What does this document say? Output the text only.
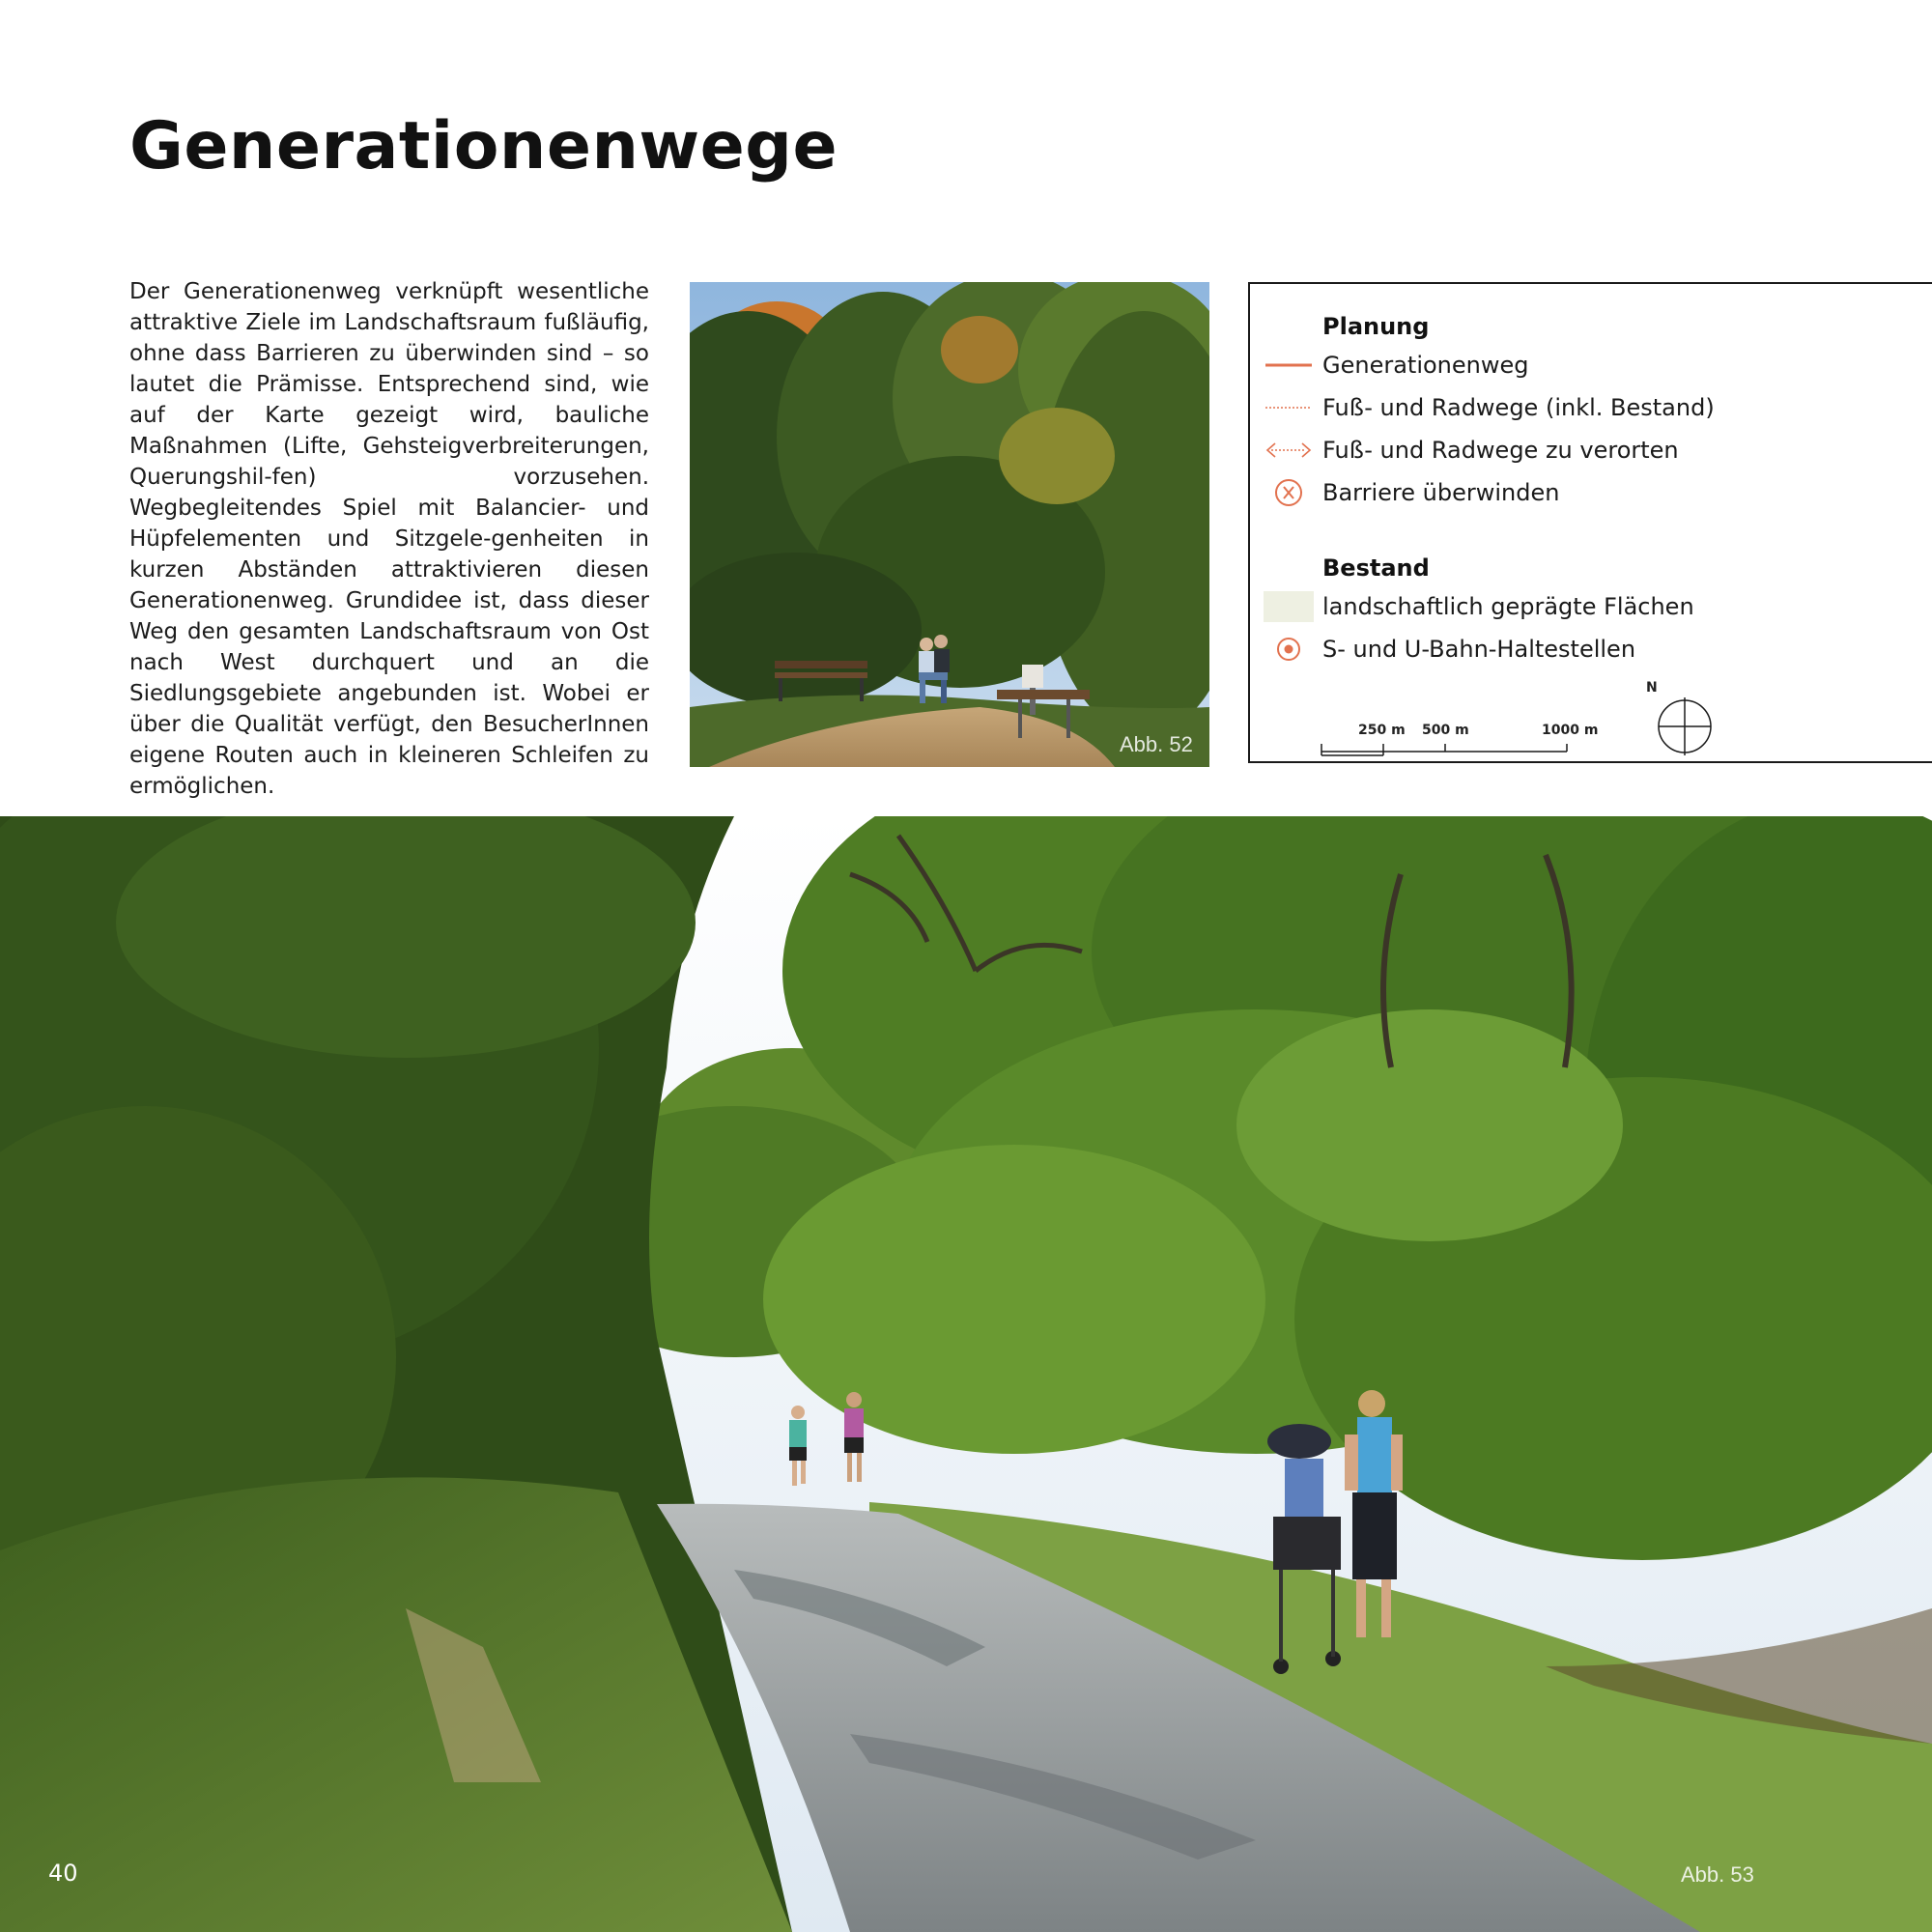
Generationenwege

Der Generationenweg verknüpft wesentliche attraktive Ziele im Landschaftsraum fußläufig, ohne dass Barrieren zu überwinden sind – so lautet die Prämisse. Entsprechend sind, wie auf der Karte gezeigt wird, bauliche Maßnahmen (Lifte, Gehsteigverbreiterungen, Querungshil-fen) vorzusehen. Wegbegleitendes Spiel mit Balancier- und Hüpfelementen und Sitzgele-genheiten in kurzen Abständen attraktivieren diesen Generationenweg. Grundidee ist, dass dieser Weg den gesamten Landschaftsraum von Ost nach West durchquert und an die Siedlungsgebiete angebunden ist. Wobei er über die Qualität verfügt, den BesucherInnen eigene Routen auch in kleineren Schleifen zu ermöglichen.

Abb. 52
Planung
Generationenweg
Fuß- und Radwege (inkl. Bestand)
Fuß- und Radwege zu verorten
Barriere überwinden
Bestand
landschaftlich geprägte Flächen
S- und U-Bahn-Haltestellen
250 m 500 m	1000 m
N
Abb. 53
40
